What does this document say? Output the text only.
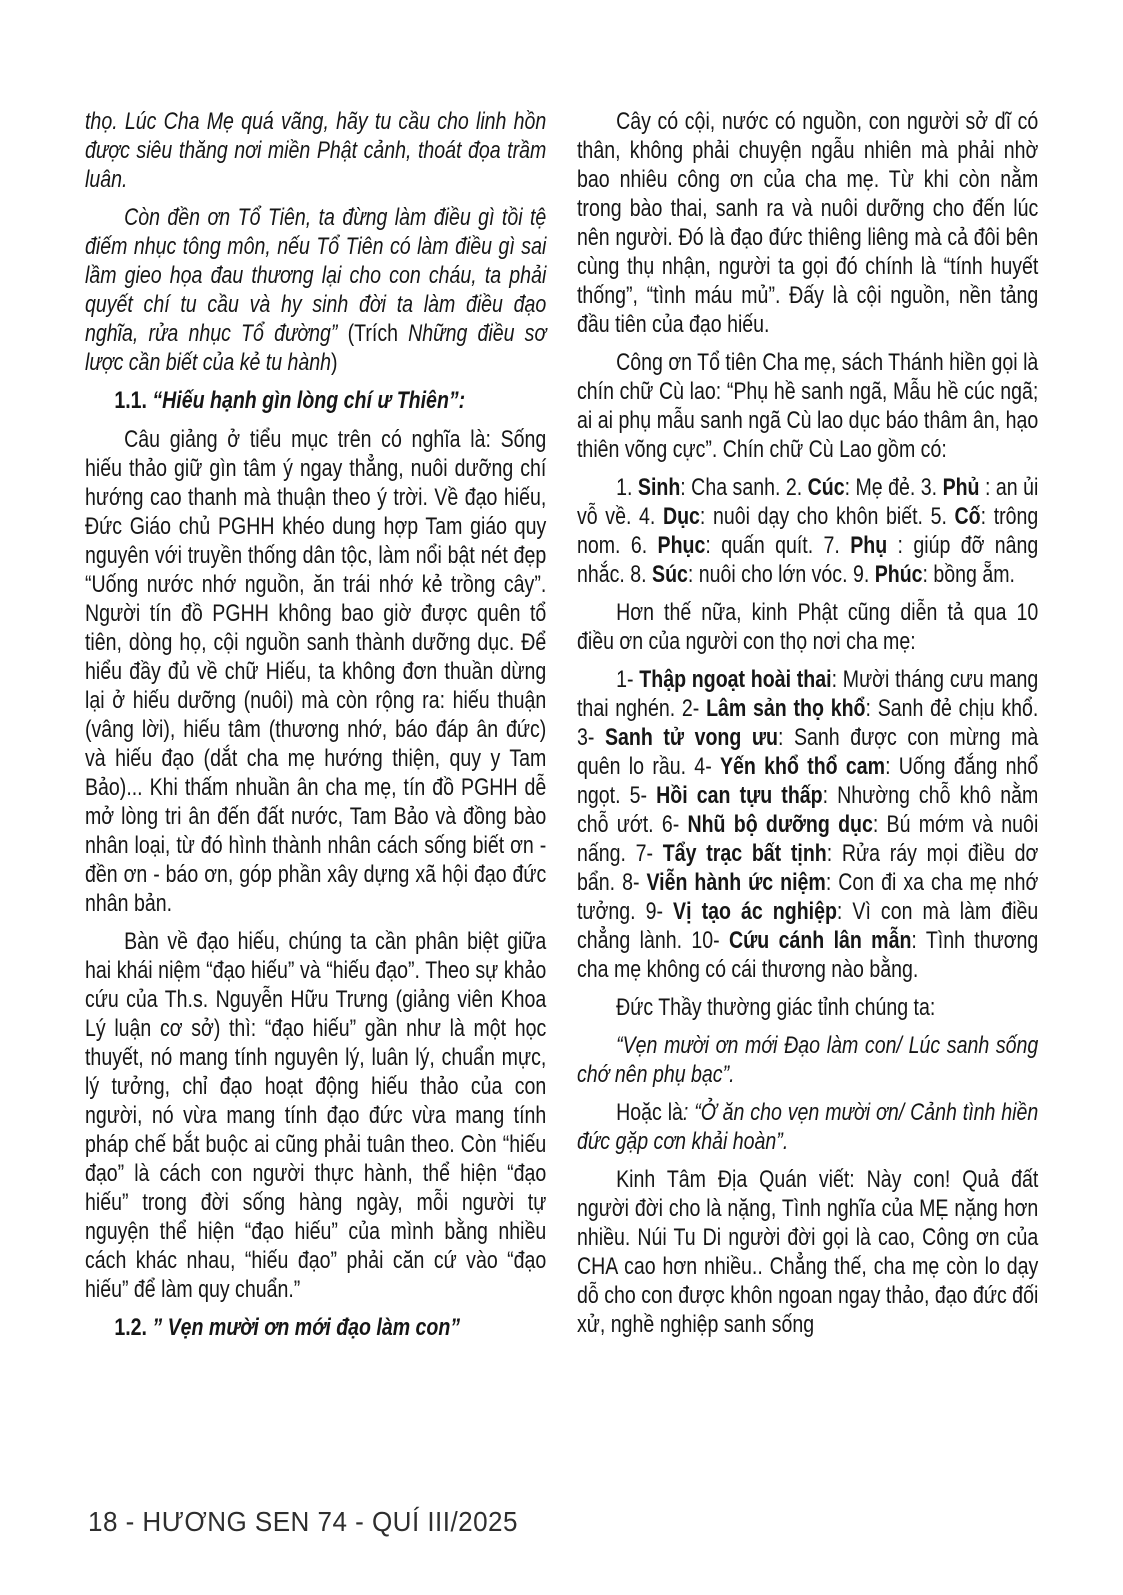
thọ. Lúc Cha Mẹ quá vãng, hãy tu cầu cho linh hồn được siêu thăng nơi miền Phật cảnh, thoát đọa trầm luân.

Còn đền ơn Tổ Tiên, ta đừng làm điều gì tồi tệ điếm nhục tông môn, nếu Tổ Tiên có làm điều gì sai lầm gieo họa đau thương lại cho con cháu, ta phải quyết chí tu cầu và hy sinh đời ta làm điều đạo nghĩa, rửa nhục Tổ đường” (Trích Những điều sơ lược cần biết của kẻ tu hành)

1.1. “Hiếu hạnh gìn lòng chí ư Thiên”:

Câu giảng ở tiểu mục trên có nghĩa là: Sống hiếu thảo giữ gìn tâm ý ngay thẳng, nuôi dưỡng chí hướng cao thanh mà thuận theo ý trời. Về đạo hiếu, Đức Giáo chủ PGHH khéo dung hợp Tam giáo quy nguyên với truyền thống dân tộc, làm nổi bật nét đẹp “Uống nước nhớ nguồn, ăn trái nhớ kẻ trồng cây”. Người tín đồ PGHH không bao giờ được quên tổ tiên, dòng họ, cội nguồn sanh thành dưỡng dục. Để hiểu đầy đủ về chữ Hiếu, ta không đơn thuần dừng lại ở hiếu dưỡng (nuôi) mà còn rộng ra: hiếu thuận (vâng lời), hiếu tâm (thương nhớ, báo đáp ân đức) và hiếu đạo (dắt cha mẹ hướng thiện, quy y Tam Bảo)... Khi thấm nhuần ân cha mẹ, tín đồ PGHH dễ mở lòng tri ân đến đất nước, Tam Bảo và đồng bào nhân loại, từ đó hình thành nhân cách sống biết ơn - đền ơn - báo ơn, góp phần xây dựng xã hội đạo đức nhân bản.

Bàn về đạo hiếu, chúng ta cần phân biệt giữa hai khái niệm “đạo hiếu” và “hiếu đạo”. Theo sự khảo cứu của Th.s. Nguyễn Hữu Trưng (giảng viên Khoa Lý luận cơ sở) thì: “đạo hiếu” gần như là một học thuyết, nó mang tính nguyên lý, luân lý, chuẩn mực, lý tưởng, chỉ đạo hoạt động hiếu thảo của con người, nó vừa mang tính đạo đức vừa mang tính pháp chế bắt buộc ai cũng phải tuân theo. Còn “hiếu đạo” là cách con người thực hành, thể hiện “đạo hiếu” trong đời sống hàng ngày, mỗi người tự nguyện thể hiện “đạo hiếu” của mình bằng nhiều cách khác nhau, “hiếu đạo” phải căn cứ vào “đạo hiếu” để làm quy chuẩn.”

1.2. ” Vẹn mười ơn mới đạo làm con”

Cây có cội, nước có nguồn, con người sở dĩ có thân, không phải chuyện ngẫu nhiên mà phải nhờ bao nhiêu công ơn của cha mẹ. Từ khi còn nằm trong bào thai, sanh ra và nuôi dưỡng cho đến lúc nên người. Đó là đạo đức thiêng liêng mà cả đôi bên cùng thụ nhận, người ta gọi đó chính là “tính huyết thống”, “tình máu mủ”. Đấy là cội nguồn, nền tảng đầu tiên của đạo hiếu.

Công ơn Tổ tiên Cha mẹ, sách Thánh hiền gọi là chín chữ Cù lao: “Phụ hề sanh ngã, Mẫu hề cúc ngã; ai ai phụ mẫu sanh ngã Cù lao dục báo thâm ân, hạo thiên võng cực”. Chín chữ Cù Lao gồm có:

1. Sinh: Cha sanh. 2. Cúc: Mẹ đẻ. 3. Phủ : an ủi vỗ về. 4. Dục: nuôi dạy cho khôn biết. 5. Cố: trông nom. 6. Phục: quấn quít. 7. Phụ : giúp đỡ nâng nhắc. 8. Súc: nuôi cho lớn vóc. 9. Phúc: bồng ẵm.

Hơn thế nữa, kinh Phật cũng diễn tả qua 10 điều ơn của người con thọ nơi cha mẹ:

1- Thập ngoạt hoài thai: Mười tháng cưu mang thai nghén. 2- Lâm sản thọ khổ: Sanh đẻ chịu khổ. 3- Sanh tử vong ưu: Sanh được con mừng mà quên lo rầu. 4- Yến khổ thổ cam: Uống đắng nhổ ngọt. 5- Hồi can tựu thấp: Nhường chỗ khô nằm chỗ ướt. 6- Nhũ bộ dưỡng dục: Bú mớm và nuôi nấng. 7- Tẩy trạc bất tịnh: Rửa ráy mọi điều dơ bẩn. 8- Viễn hành ức niệm: Con đi xa cha mẹ nhớ tưởng. 9- Vị tạo ác nghiệp: Vì con mà làm điều chẳng lành. 10- Cứu cánh lân mẫn: Tình thương cha mẹ không có cái thương nào bằng.

Đức Thầy thường giác tỉnh chúng ta:

“Vẹn mười ơn mới Đạo làm con/ Lúc sanh sống chớ nên phụ bạc”.

Hoặc là: “Ở ăn cho vẹn mười ơn/ Cảnh tình hiền đức gặp cơn khải hoàn”.

Kinh Tâm Địa Quán viết: Này con! Quả đất người đời cho là nặng, Tình nghĩa của MẸ nặng hơn nhiều. Núi Tu Di người đời gọi là cao, Công ơn của CHA cao hơn nhiều.. Chẳng thế, cha mẹ còn lo dạy dỗ cho con được khôn ngoan ngay thảo, đạo đức đối xử, nghề nghiệp sanh sống

18 - HƯƠNG SEN 74 - QUÍ III/2025
